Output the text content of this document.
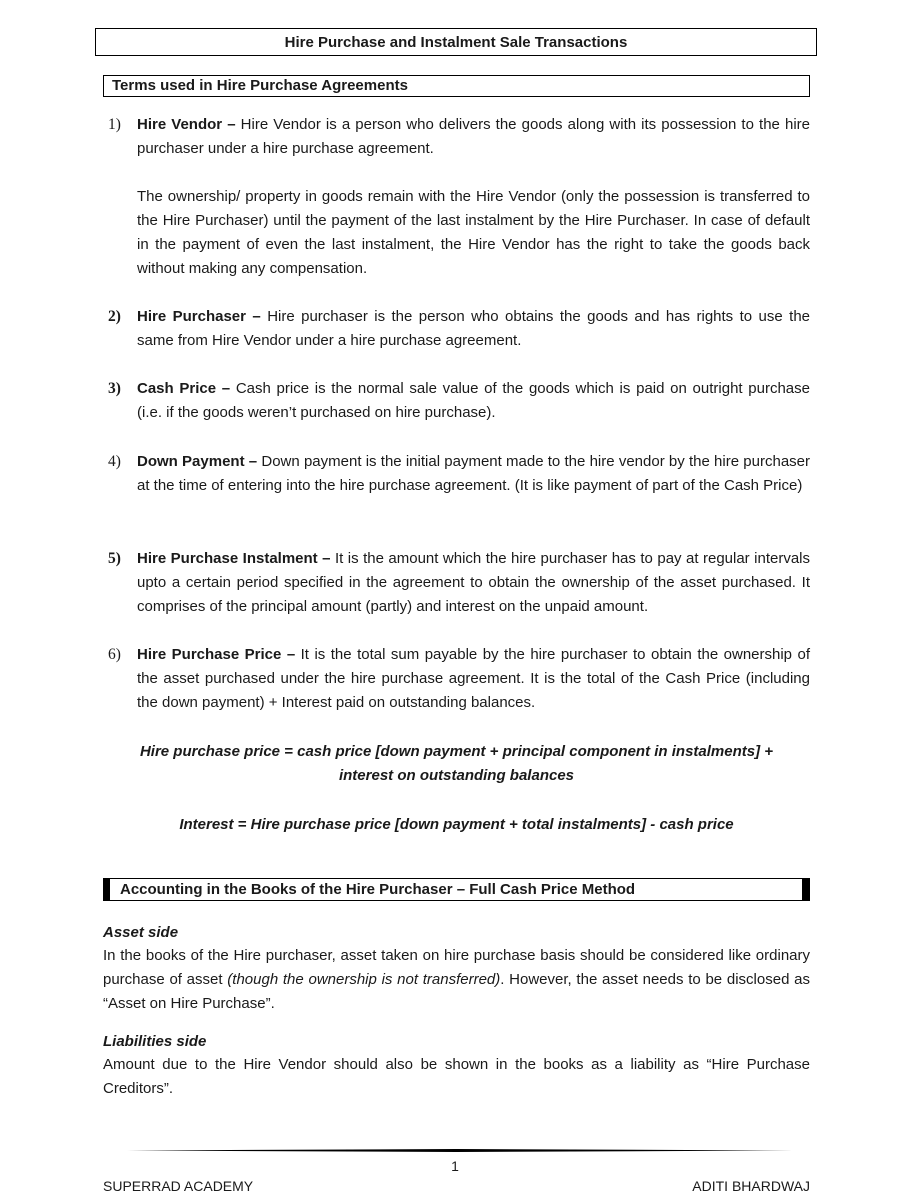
Hire Purchase and Instalment Sale Transactions
Terms used in Hire Purchase Agreements
1) Hire Vendor – Hire Vendor is a person who delivers the goods along with its possession to the hire purchaser under a hire purchase agreement.
The ownership/ property in goods remain with the Hire Vendor (only the possession is transferred to the Hire Purchaser) until the payment of the last instalment by the Hire Purchaser. In case of default in the payment of even the last instalment, the Hire Vendor has the right to take the goods back without making any compensation.
2) Hire Purchaser – Hire purchaser is the person who obtains the goods and has rights to use the same from Hire Vendor under a hire purchase agreement.
3) Cash Price – Cash price is the normal sale value of the goods which is paid on outright purchase (i.e. if the goods weren’t purchased on hire purchase).
4) Down Payment – Down payment is the initial payment made to the hire vendor by the hire purchaser at the time of entering into the hire purchase agreement. (It is like payment of part of the Cash Price)
5) Hire Purchase Instalment – It is the amount which the hire purchaser has to pay at regular intervals upto a certain period specified in the agreement to obtain the ownership of the asset purchased. It comprises of the principal amount (partly) and interest on the unpaid amount.
6) Hire Purchase Price – It is the total sum payable by the hire purchaser to obtain the ownership of the asset purchased under the hire purchase agreement. It is the total of the Cash Price (including the down payment) + Interest paid on outstanding balances.
Hire purchase price = cash price [down payment + principal component in instalments] +
interest on outstanding balances
Interest = Hire purchase price [down payment + total instalments] - cash price
Accounting in the Books of the Hire Purchaser – Full Cash Price Method
Asset side
In the books of the Hire purchaser, asset taken on hire purchase basis should be considered like ordinary purchase of asset (though the ownership is not transferred). However, the asset needs to be disclosed as “Asset on Hire Purchase”.
Liabilities side
Amount due to the Hire Vendor should also be shown in the books as a liability as “Hire Purchase Creditors”.
1
SUPERRAD ACADEMY	ADITI BHARDWAJ
